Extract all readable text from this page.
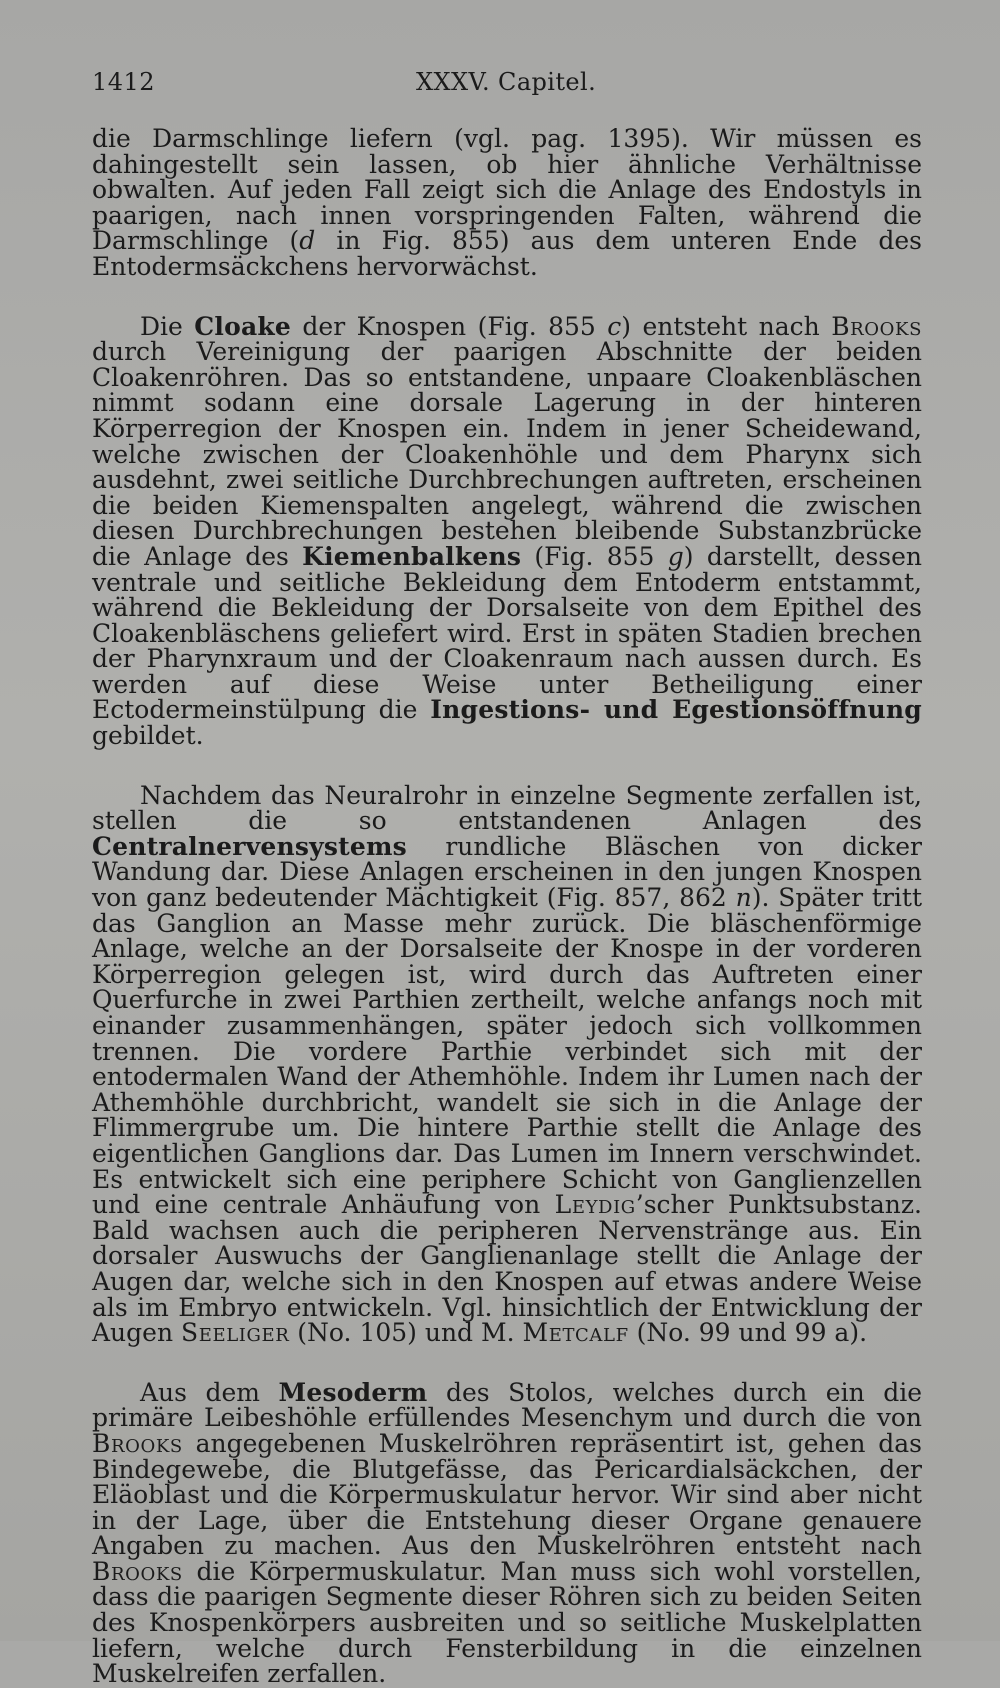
1412	XXXV. Capitel.

die Darmschlinge liefern (vgl. pag. 1395). Wir müssen es dahingestellt sein lassen, ob hier ähnliche Verhältnisse obwalten. Auf jeden Fall zeigt sich die Anlage des Endostyls in paarigen, nach innen vorspringenden Falten, während die Darmschlinge (d in Fig. 855) aus dem unteren Ende des Entodermsäckchens hervorwächst.

Die Cloake der Knospen (Fig. 855 c) entsteht nach Brooks durch Vereinigung der paarigen Abschnitte der beiden Cloakenröhren. Das so entstandene, unpaare Cloakenbläschen nimmt sodann eine dorsale Lagerung in der hinteren Körperregion der Knospen ein. Indem in jener Scheidewand, welche zwischen der Cloakenhöhle und dem Pharynx sich ausdehnt, zwei seitliche Durchbrechungen auftreten, erscheinen die beiden Kiemenspalten angelegt, während die zwischen diesen Durchbrechungen bestehen bleibende Substanzbrücke die Anlage des Kiemenbalkens (Fig. 855 g) darstellt, dessen ventrale und seitliche Bekleidung dem Entoderm entstammt, während die Bekleidung der Dorsalseite von dem Epithel des Cloakenbläschens geliefert wird. Erst in späten Stadien brechen der Pharynxraum und der Cloakenraum nach aussen durch. Es werden auf diese Weise unter Betheiligung einer Ectodermeinstülpung die Ingestions- und Egestionsöffnung gebildet.

Nachdem das Neuralrohr in einzelne Segmente zerfallen ist, stellen die so entstandenen Anlagen des Centralnervensystems rundliche Bläschen von dicker Wandung dar. Diese Anlagen erscheinen in den jungen Knospen von ganz bedeutender Mächtigkeit (Fig. 857, 862 n). Später tritt das Ganglion an Masse mehr zurück. Die bläschenförmige Anlage, welche an der Dorsalseite der Knospe in der vorderen Körperregion gelegen ist, wird durch das Auftreten einer Querfurche in zwei Parthien zertheilt, welche anfangs noch mit einander zusammenhängen, später jedoch sich vollkommen trennen. Die vordere Parthie verbindet sich mit der entodermalen Wand der Athemhöhle. Indem ihr Lumen nach der Athemhöhle durchbricht, wandelt sie sich in die Anlage der Flimmergrube um. Die hintere Parthie stellt die Anlage des eigentlichen Ganglions dar. Das Lumen im Innern verschwindet. Es entwickelt sich eine periphere Schicht von Ganglienzellen und eine centrale Anhäufung von Leydig’scher Punktsubstanz. Bald wachsen auch die peripheren Nervenstränge aus. Ein dorsaler Auswuchs der Ganglienanlage stellt die Anlage der Augen dar, welche sich in den Knospen auf etwas andere Weise als im Embryo entwickeln. Vgl. hinsichtlich der Entwicklung der Augen Seeliger (No. 105) und M. Metcalf (No. 99 und 99 a).

Aus dem Mesoderm des Stolos, welches durch ein die primäre Leibeshöhle erfüllendes Mesenchym und durch die von Brooks angegebenen Muskelröhren repräsentirt ist, gehen das Bindegewebe, die Blutgefässe, das Pericardialsäckchen, der Eläoblast und die Körpermuskulatur hervor. Wir sind aber nicht in der Lage, über die Entstehung dieser Organe genauere Angaben zu machen. Aus den Muskelröhren entsteht nach Brooks die Körpermuskulatur. Man muss sich wohl vorstellen, dass die paarigen Segmente dieser Röhren sich zu beiden Seiten des Knospenkörpers ausbreiten und so seitliche Muskelplatten liefern, welche durch Fensterbildung in die einzelnen Muskelreifen zerfallen.
